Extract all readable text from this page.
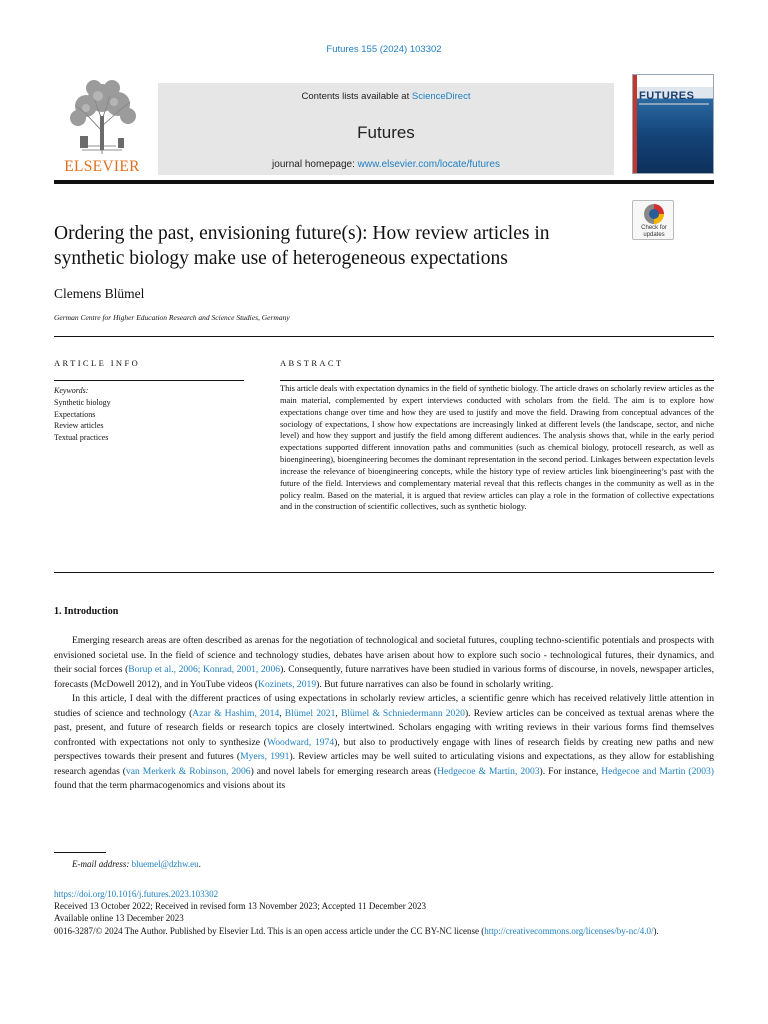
Futures 155 (2024) 103302
ELSEVIER
Contents lists available at ScienceDirect
Futures
journal homepage: www.elsevier.com/locate/futures
FUTURES
Ordering the past, envisioning future(s): How review articles in synthetic biology make use of heterogeneous expectations
Check for
updates
Clemens Blümel
German Centre for Higher Education Research and Science Studies, Germany
ARTICLE INFO	ABSTRACT
Keywords:
Synthetic biology
Expectations
Review articles
Textual practices
This article deals with expectation dynamics in the field of synthetic biology. The article draws on scholarly review articles as the main material, complemented by expert interviews conducted with scholars from the field. The aim is to explore how expectations change over time and how they are used to justify and move the field. Drawing from conceptual advances of the sociology of expectations, I show how expectations are increasingly linked at different levels (the landscape, sector, and niche level) and how they support and justify the field among different audiences. The analysis shows that, while in the early period expectations supported different innovation paths and communities (such as chemical biology, protocell research, as well as bioengineering), bioengineering becomes the dominant representation in the second period. Linkages between expectation levels increase the relevance of bioengineering concepts, while the history type of review articles link bioengineering’s past with the future of the field. Interviews and complementary material reveal that this reflects changes in the community as well as in the policy realm. Based on the material, it is argued that review articles can play a role in the formation of collective expectations and in the construction of scientific collectives, such as synthetic biology.
1. Introduction

Emerging research areas are often described as arenas for the negotiation of technological and societal futures, coupling techno-scientific potentials and prospects with envisioned societal use. In the field of science and technology studies, debates have arisen about how to explore such socio - technological futures, their dynamics, and their social forces (Borup et al., 2006; Konrad, 2001, 2006). Consequently, future narratives have been studied in various forms of discourse, in novels, newspaper articles, forecasts (McDowell 2012), and in YouTube videos (Kozinets, 2019). But future narratives can also be found in scholarly writing.

In this article, I deal with the different practices of using expectations in scholarly review articles, a scientific genre which has received relatively little attention in studies of science and technology (Azar & Hashim, 2014, Blümel 2021, Blümel & Schniedermann 2020). Review articles can be conceived as textual arenas where the past, present, and future of research fields or research topics are closely intertwined. Scholars engaging with writing reviews in their various forms find themselves confronted with expectations not only to synthesize (Woodward, 1974), but also to productively engage with lines of research fields by creating new paths and new perspectives towards their present and futures (Myers, 1991). Review articles may be well suited to articulating visions and expectations, as they allow for establishing research agendas (van Merkerk & Robinson, 2006) and novel labels for emerging research areas (Hedgecoe & Martin, 2003). For instance, Hedgecoe and Martin (2003) found that the term pharmacogenomics and visions about its

E-mail address: bluemel@dzhw.eu.
https://doi.org/10.1016/j.futures.2023.103302
Received 13 October 2022; Received in revised form 13 November 2023; Accepted 11 December 2023
Available online 13 December 2023
0016-3287/© 2024 The Author. Published by Elsevier Ltd. This is an open access article under the CC BY-NC license (http://creativecommons.org/licenses/by-nc/4.0/).
